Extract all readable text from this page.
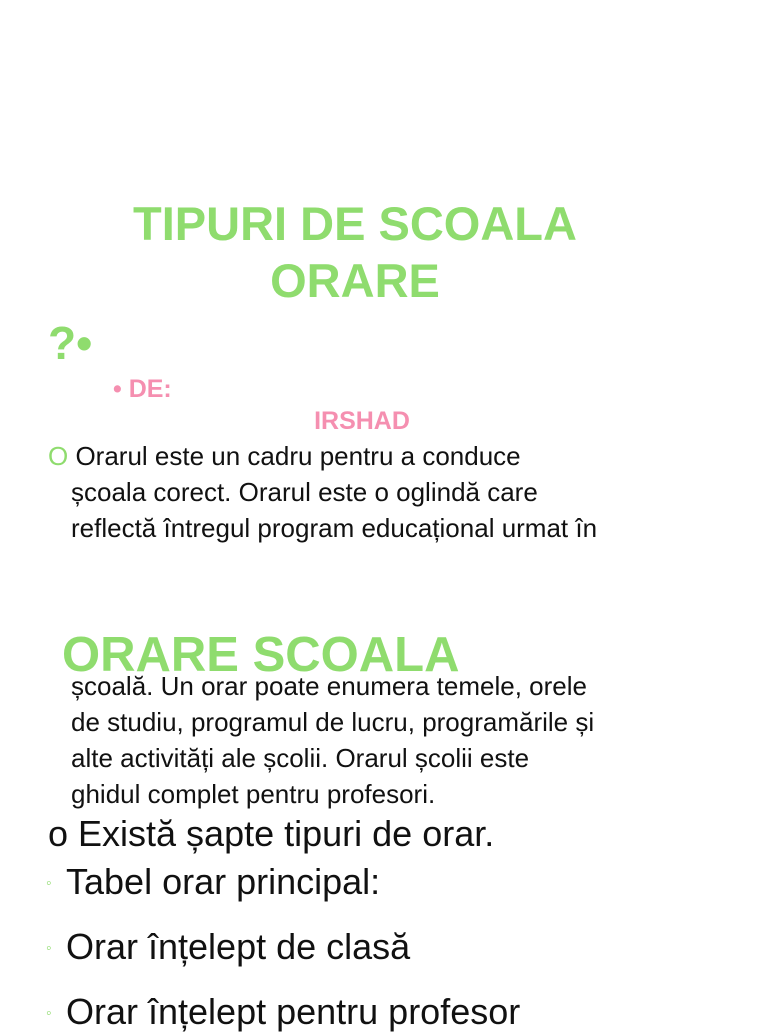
TIPURI DE SCOALA
ORARE
?•
• DE:
IRSHAD
O Orarul este un cadru pentru a conduce
școala corect. Orarul este o oglindă care
reflectă întregul program educațional urmat în
ORARE SCOALA
școală. Un orar poate enumera temele, orele
de studiu, programul de lucru, programările și
alte activități ale școlii. Orarul școlii este
ghidul complet pentru profesori.
o Există șapte tipuri de orar.
◦ Tabel orar principal:
◦ Orar înțelept de clasă
◦ Orar înțelept pentru profesor
